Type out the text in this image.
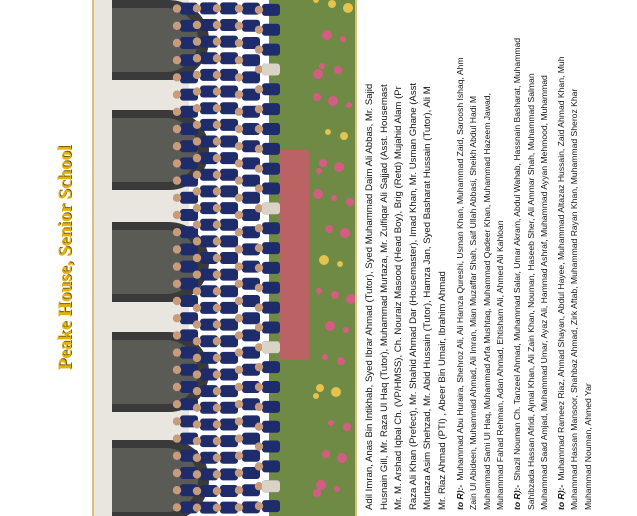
Peake House, Senior School	Adil Imran, Anas Bin Intikhab, Syed Ibrar Ahmad (Tutor), Syed Muhammad Daim Ali Abbas, Mr. Sajid Husnain Gill, Mr. Raza Ul Haq (Tutor), Muhammad Murtaza, Mr. Zulfiqar Ali Sajjad (Asst. Housemast Mr. M. Arshad Iqbal Ch. (VP/HMSS), Ch. Nouraiz Masood (Head Boy), Brig (Retd) Mujahid Alam (Pr Raza Ali Khan (Prefect), Mr. Shahid Ahmad Dar (Housemaster), Imad Khan, Mr. Usman Ghane (Asst Murtaza Asim Shehzad, Mr. Abid Hussain (Tutor), Hamza Jan, Syed Basharat Hussain (Tutor), Ali M Mr. Riaz Ahmad (PTI) , Abeer Bin Umair, Ibrahim Ahmad to R):-Muhammad Abu Huraira, Shehroz Ali, Ali Hamza Qureshi, Usman Khan, Muhammad Zaid, Saroosh Ishaq, Ahm Zain Ul Abideen, Muhammad Ahmad, Ali Imran, Mian Muzaffar Shah, Saif Ullah Abbasi, Sheikh Abdul Hadi M Muhammad Sami Ul Haq, Muhammad Arfa Mushtaq, Muhammad Qadeer Khan, Muhammad Hazeem Jawad, Muhammad Fahad Rehman, Adan Ahmad, Ehtisham Ali, Ahmed Ali Kahloan to R):-Shazil Nouman Ch. Tanzeel Ahmad, Muhammad Salar, Umar Akram, Abdul Wahab, Hassnain Basharat, Muhammad Sahibzada Hassan Afridi, Ajmal Khan, Ali Zain Khan, Nouman, Haseeb Sher, Ali Ammar Shah, Muhammad Salman Muhammad Saad Amjad, Muhammad Umar, Ayaz Ali, Hammad Ashraf, Muhammad Ayyan Mehmood, Muhammad to R):-Muhammad Rameez Riaz, Ahmad Shayan, Abdul Hayee, Muhammad Altazaz Hussain, Zaid Ahmad Khan, Muh Muhammad Hassan Mansoor, Shahbaz Ahmad, Zirk Aftab, Muhammad Rayan Khan, Muhammad Sheroz Khar Muhammad Nouman, Ahmed Yar
